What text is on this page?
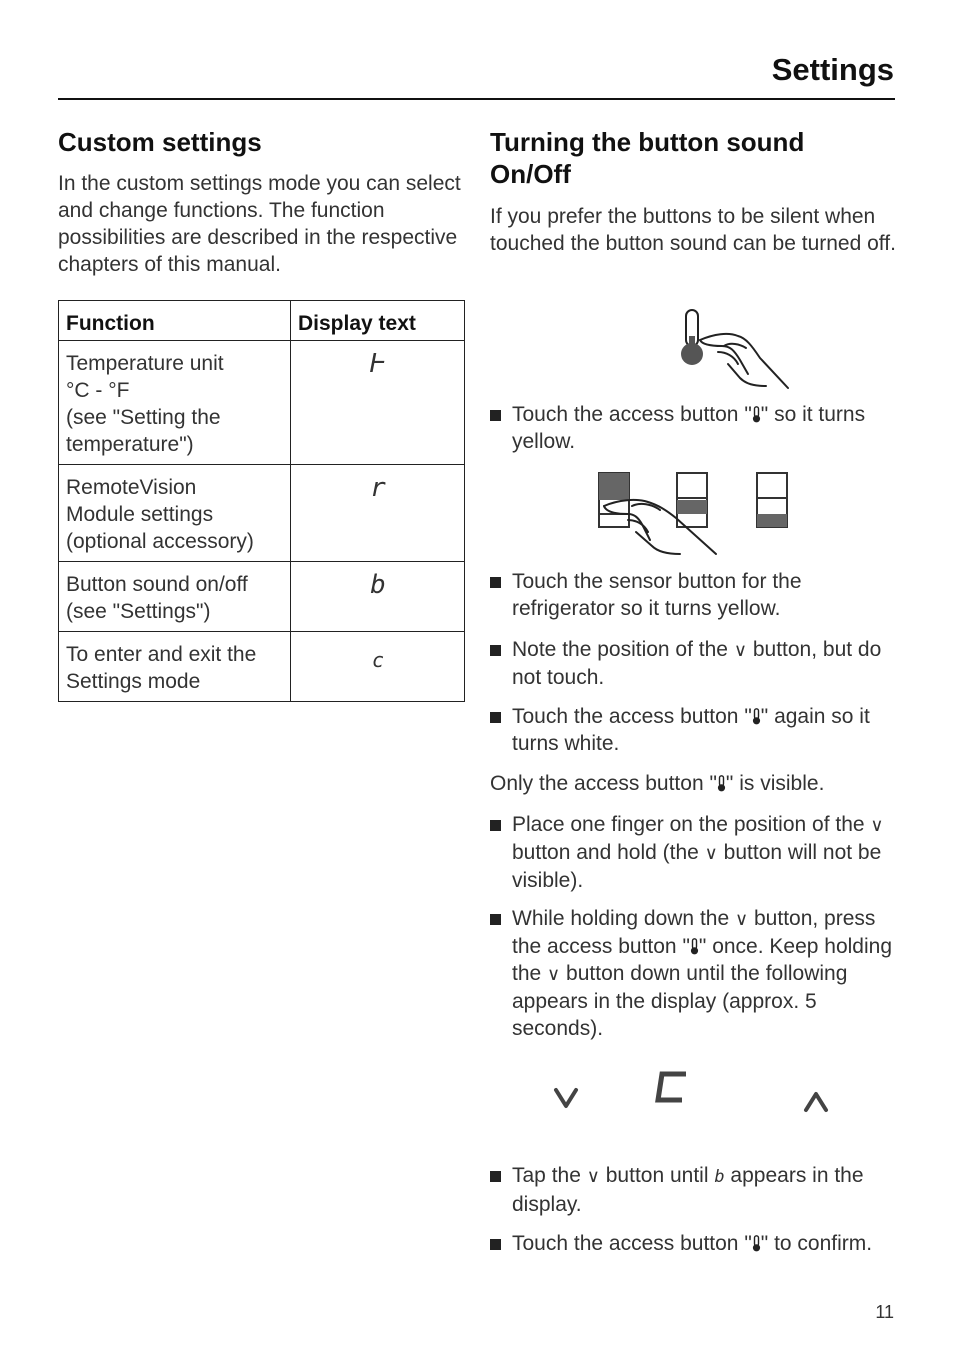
Settings
Custom settings

In the custom settings mode you can select and change functions. The function possibilities are described in the respective chapters of this manual.

Function	Display text

Temperature unit
°C - °F
(see "Setting the
temperature")	Ⱶ

RemoteVision
Module settings
(optional accessory)	r

Button sound on/off
(see "Settings")	b

To enter and exit the
Settings mode	c
Turning the button sound
On/Off

If you prefer the buttons to be silent when touched the button sound can be turned off.

Touch the access button " " so it turns yellow.
Touch the sensor button for the refrigerator so it turns yellow.
Note the position of the ∨ button, but do not touch.
Touch the access button " " again so it turns white.

Only the access button " " is visible.

Place one finger on the position of the ∨ button and hold (the ∨ button will not be visible).
While holding down the ∨ button, press the access button " " once. Keep holding the ∨ button down until the following appears in the display (approx. 5 seconds).
Tap the ∨ button until b appears in the display.
Touch the access button " " to confirm.
11
